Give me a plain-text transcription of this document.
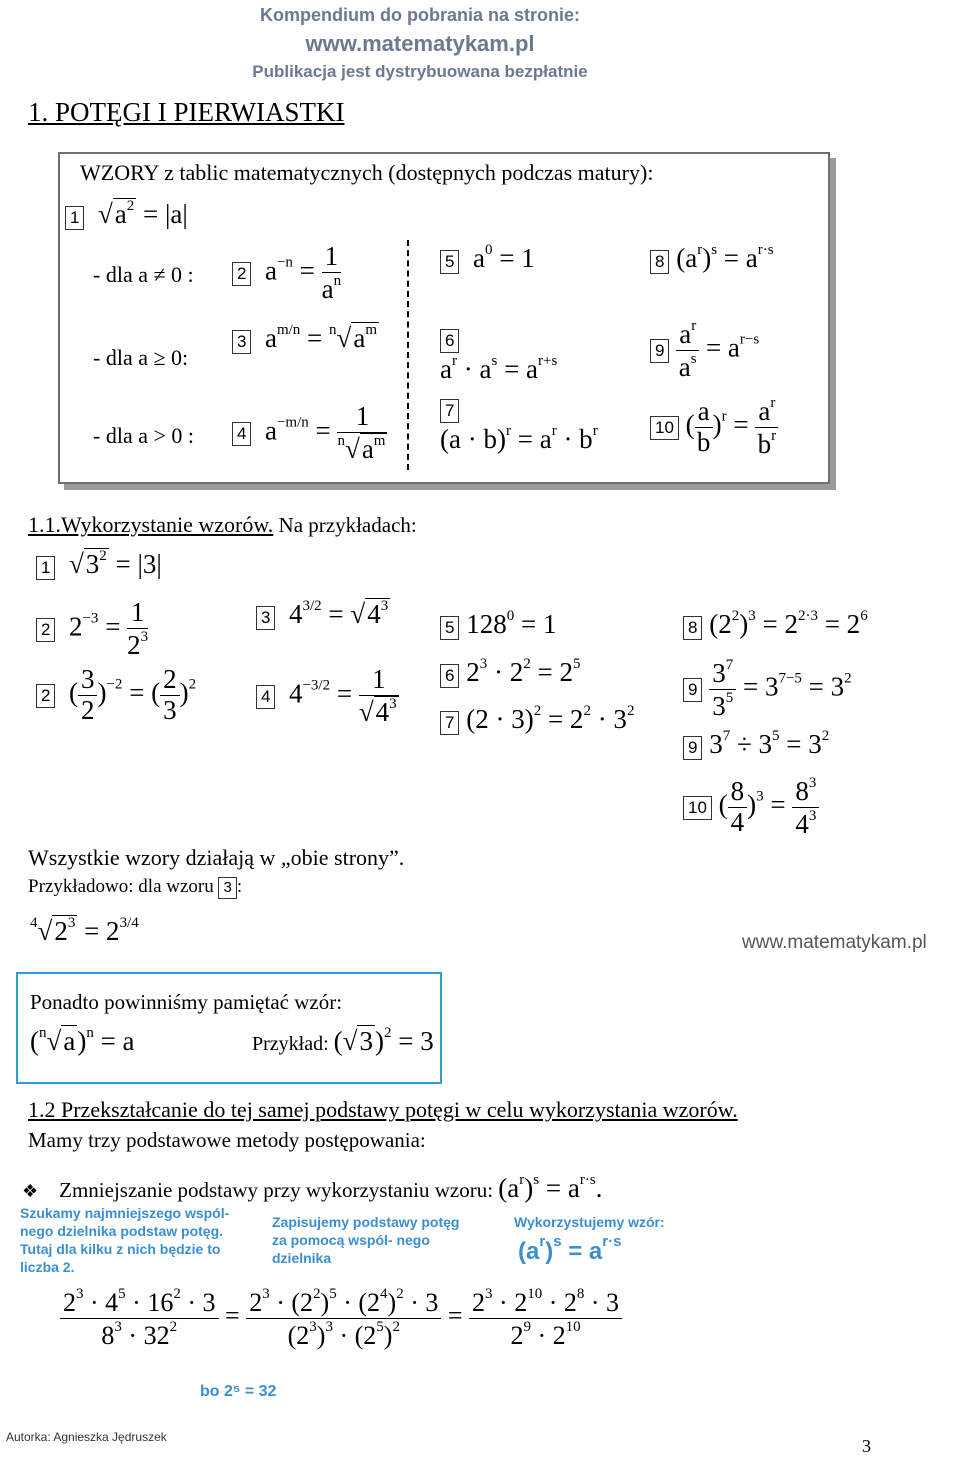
Kompendium do pobrania na stronie:
www.matematykam.pl
Publikacja jest dystrybuowana bezpłatnie
1. POTĘGI I PIERWIASTKI
WZORY z tablic matematycznych (dostępnych podczas matury):
1  $√a^2 = |a|$
- dla a ≠ 0 :
- dla a ≥ 0:
- dla a > 0 :
2  $a^{-n} = \frac{1}{a^n}$
3  $a^{m/n} = ^n√a^m$
4  $a^{-m/n} = \frac{1}{^n√a^m}$
5  $a^0 = 1$
6
$a^r \cdot a^s = a^{r+s}$
7
$(a \cdot b)^r = a^r \cdot b^r$
8 $(a^r)^s = a^{r\cdot s}$
$9 \frac{a^r}{a^s} = a^{r-s}$
10 ( $\frac{a}{b} )^r = \frac{a^r}{b^r}$
1.1.Wykorzystanie wzorów. Na przykładach:
1  $√3^2 = |3|$
2  $2^{-3} = \frac{1}{2^3}$
2  ( $\frac{3}{2} )^{-2}$ = ( $\frac{2}{3} )^2$
3  $4^{3/2} = √4^3$
4  $4^{-3/2} = \frac{1}{√4^3}$
5 $128^0 = 1$
6 $2^3 \cdot 2^2 = 2^5$
7 $(2 \cdot 3)^2 = 2^2 \cdot 3^2$
8 $(2^2)^3 = 2^{2\cdot 3} = 2^6$
$9 \frac{3^7}{3^5} = 3^{7-5} = 3^2$
9 $3^7 \div 3^5 = 3^2$
10 ( $\frac{8}{4} )^3 = \frac{8^3}{4^3}$
Wszystkie wzory działają w „obie strony”.
Przykładowo: dla wzoru 3 :
$^4√2^3 = 2^{3/4}$
www.matematykam.pl
Ponadto powinniśmy pamiętać wzór:
$(^n√a)^n = a$	Przykład: $(√3)^2 = 3$
1.2 Przekształcanie do tej samej podstawy potęgi w celu wykorzystania wzorów.
Mamy trzy podstawowe metody postępowania:
❖ Zmniejszanie podstawy przy wykorzystaniu wzoru: $(a^r)^s = a^{r\cdot s}$.
Szukamy najmniejszego wspól- nego dzielnika podstaw potęg. Tutaj dla kilku z nich będzie to liczba 2.
Zapisujemy podstawy potęg za pomocą wspól- nego dzielnika
Wykorzystujemy wzór:
$(a^r)^s = a^{r\cdot s}$
$\frac{2^3 \cdot 4^5 \cdot 16^2 \cdot 3}{8^3 \cdot 32^2} = \frac{2^3 \cdot (2^2)^5 \cdot (2^4)^2 \cdot 3}{(2^3)^3 \cdot (2^5)^2} = \frac{2^3 \cdot 2^{10} \cdot 2^8 \cdot 3}{2^9 \cdot 2^{10}}$
bo 2⁵ = 32
Autorka: Agnieszka Jędruszek	3
